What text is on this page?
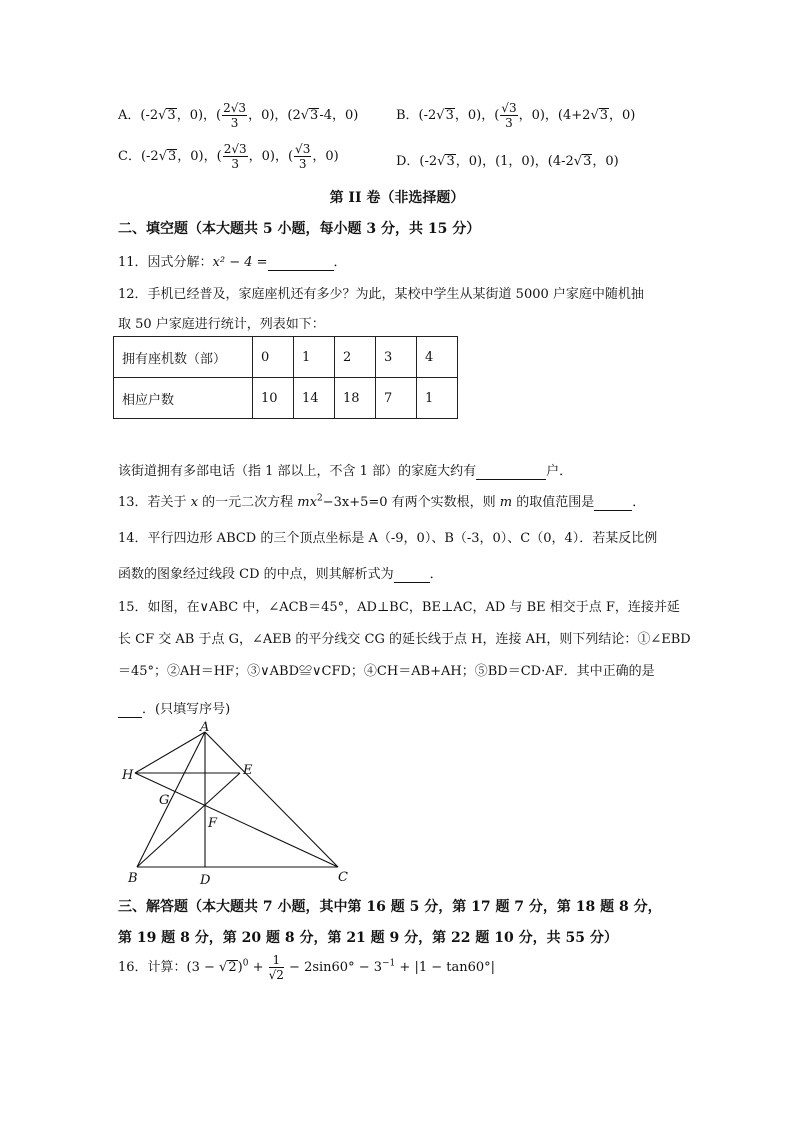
A．(-2√3，0)，( $\frac{2√3}{3}$ ，0)，(2√3-4，0)	B．(-2√3，0)，( $\frac{√3}{3}$ ，0)，(4+2√3，0)
C．(-2√3，0)，( $\frac{2√3}{3}$ ，0)，( $\frac{√3}{3}$ ，0)	D．(-2√3，0)，(1，0)，(4-2√3，0)
第 II 卷（非选择题）
二、填空题（本大题共 5 小题，每小题 3 分，共 15 分）
11．因式分解：x² − 4 =	．
12．手机已经普及，家庭座机还有多少？为此，某校中学生从某街道 5000 户家庭中随机抽
取 50 户家庭进行统计，列表如下：
拥有座机数（部）	0	1	2	3	4
相应户数	10	14	18	7	1
该街道拥有多部电话（指 1 部以上，不含 1 部）的家庭大约有	户．
13．若关于 x 的一元二次方程 $mx^2-3x+5=0$ 有两个实数根，则 m 的取值范围是	．
14．平行四边形 ABCD 的三个顶点坐标是 A（-9，0）、B（-3，0）、C（0，4）．若某反比例
函数的图象经过线段 CD 的中点，则其解析式为	．
15．如图，在∨ABC 中，∠ACB＝45°，AD⊥BC，BE⊥AC，AD 与 BE 相交于点 F，连接并延
长 CF 交 AB 于点 G，∠AEB 的平分线交 CG 的延长线于点 H，连接 AH，则下列结论：①∠EBD
＝45°；②AH＝HF；③∨ABD≌∨CFD；④CH＝AB+AH；⑤BD＝CD·AF．其中正确的是
．(只填写序号)
A
H	E
G
F
B	D	C
三、解答题（本大题共 7 小题，其中第 16 题 5 分，第 17 题 7 分，第 18 题 8 分，
第 19 题 8 分，第 20 题 8 分，第 21 题 9 分，第 22 题 10 分，共 55 分）
16．计算：$(3 - √2)^0 + \frac{1}{√2} - 2\sin 60^\circ - 3^{-1} + |1 - \tan 60^\circ|$
